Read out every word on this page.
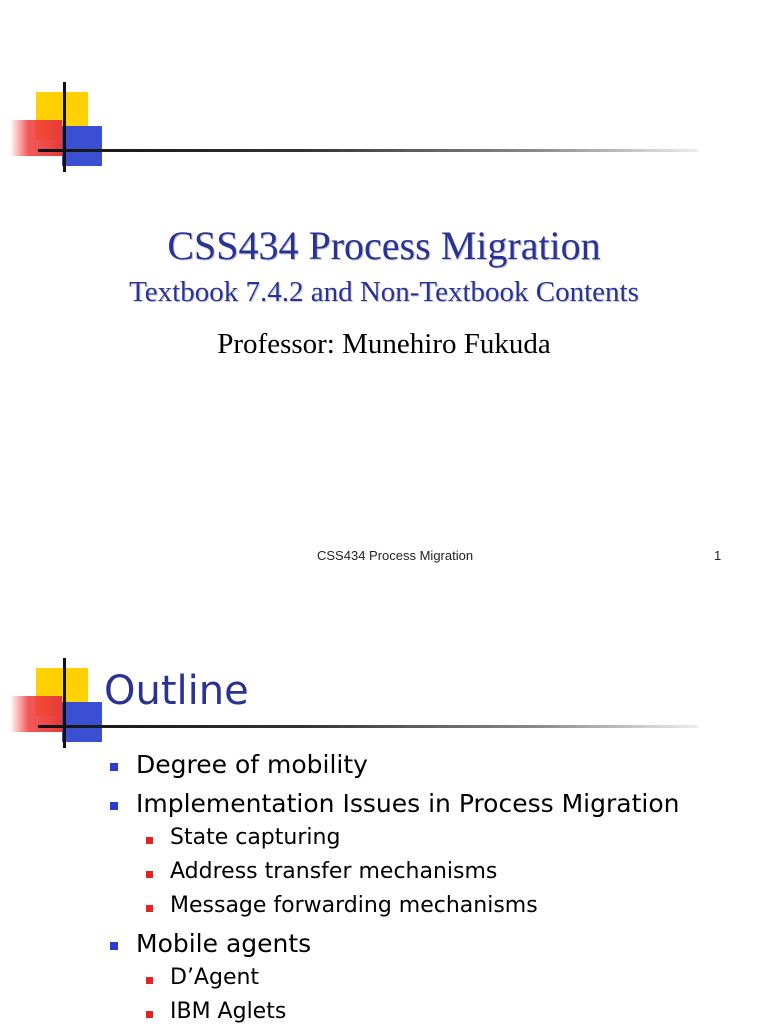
CSS434 Process Migration
Textbook 7.4.2 and Non-Textbook Contents
Professor: Munehiro Fukuda
CSS434 Process Migration	1
Outline
Degree of mobility
Implementation Issues in Process Migration
State capturing
Address transfer mechanisms
Message forwarding mechanisms
Mobile agents
D’Agent
IBM Aglets
